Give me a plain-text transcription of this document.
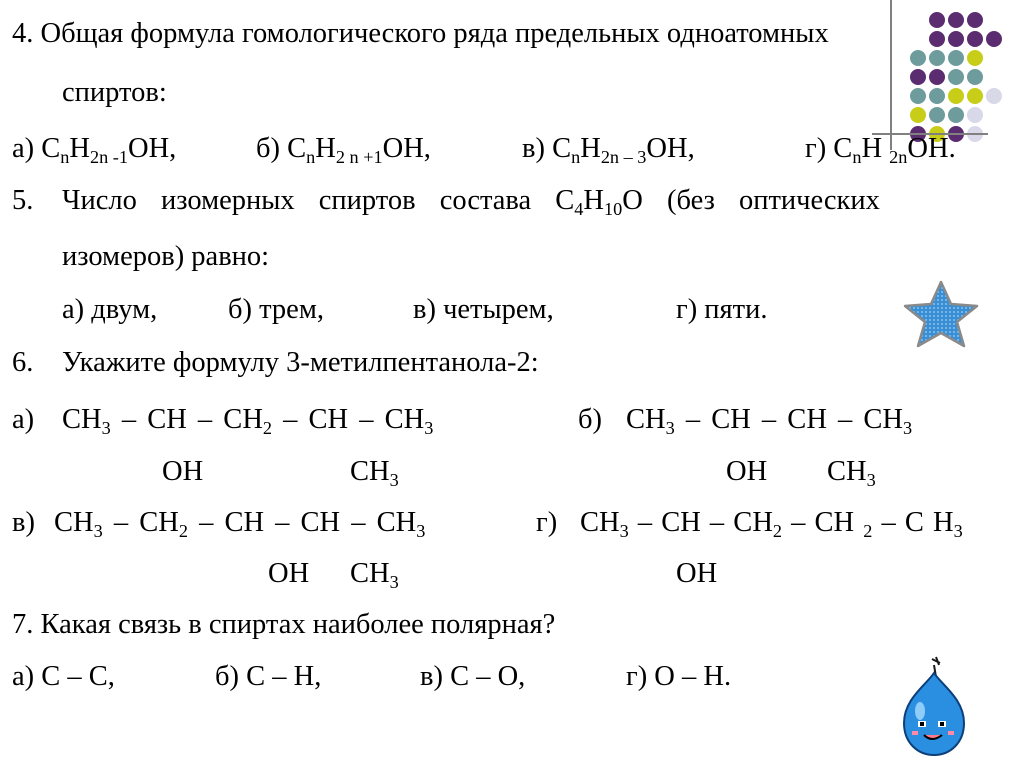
4. Общая формула гомологического ряда предельных одноатомных
спиртов:
а) $C_nH_{2n -1}OH$,	б) $C_nH_{2 n +1}OH$,	в) $C_nH_{2n - 3}OH$,	г) $C_nH$ $_{2n}$OH.
5. Число изомерных спиртов состава $C_4H_{10}O$ (без оптических
изомеров) равно:
а) двум, б) трем,	в) четырем,	г) пяти.
6. Укажите формулу 3-метилпентанола-2:
а) $CH_3$ – CH – $CH_2$ – CH – $CH_3$
OH	$CH_3$
б) $CH_3$ – CH – CH – $CH_3$
OH $CH_3$
в) $CH_3 - CH_2$ – CH – CH – $CH_3$
OH $CH_3$
г) $CH_3$ – CH – $CH_2$ – CH $_2$ – C $H_3$
OH
7. Какая связь в спиртах наиболее полярная?
а) C – C,	б) C – H,	в) C – O,	г) O – H.
